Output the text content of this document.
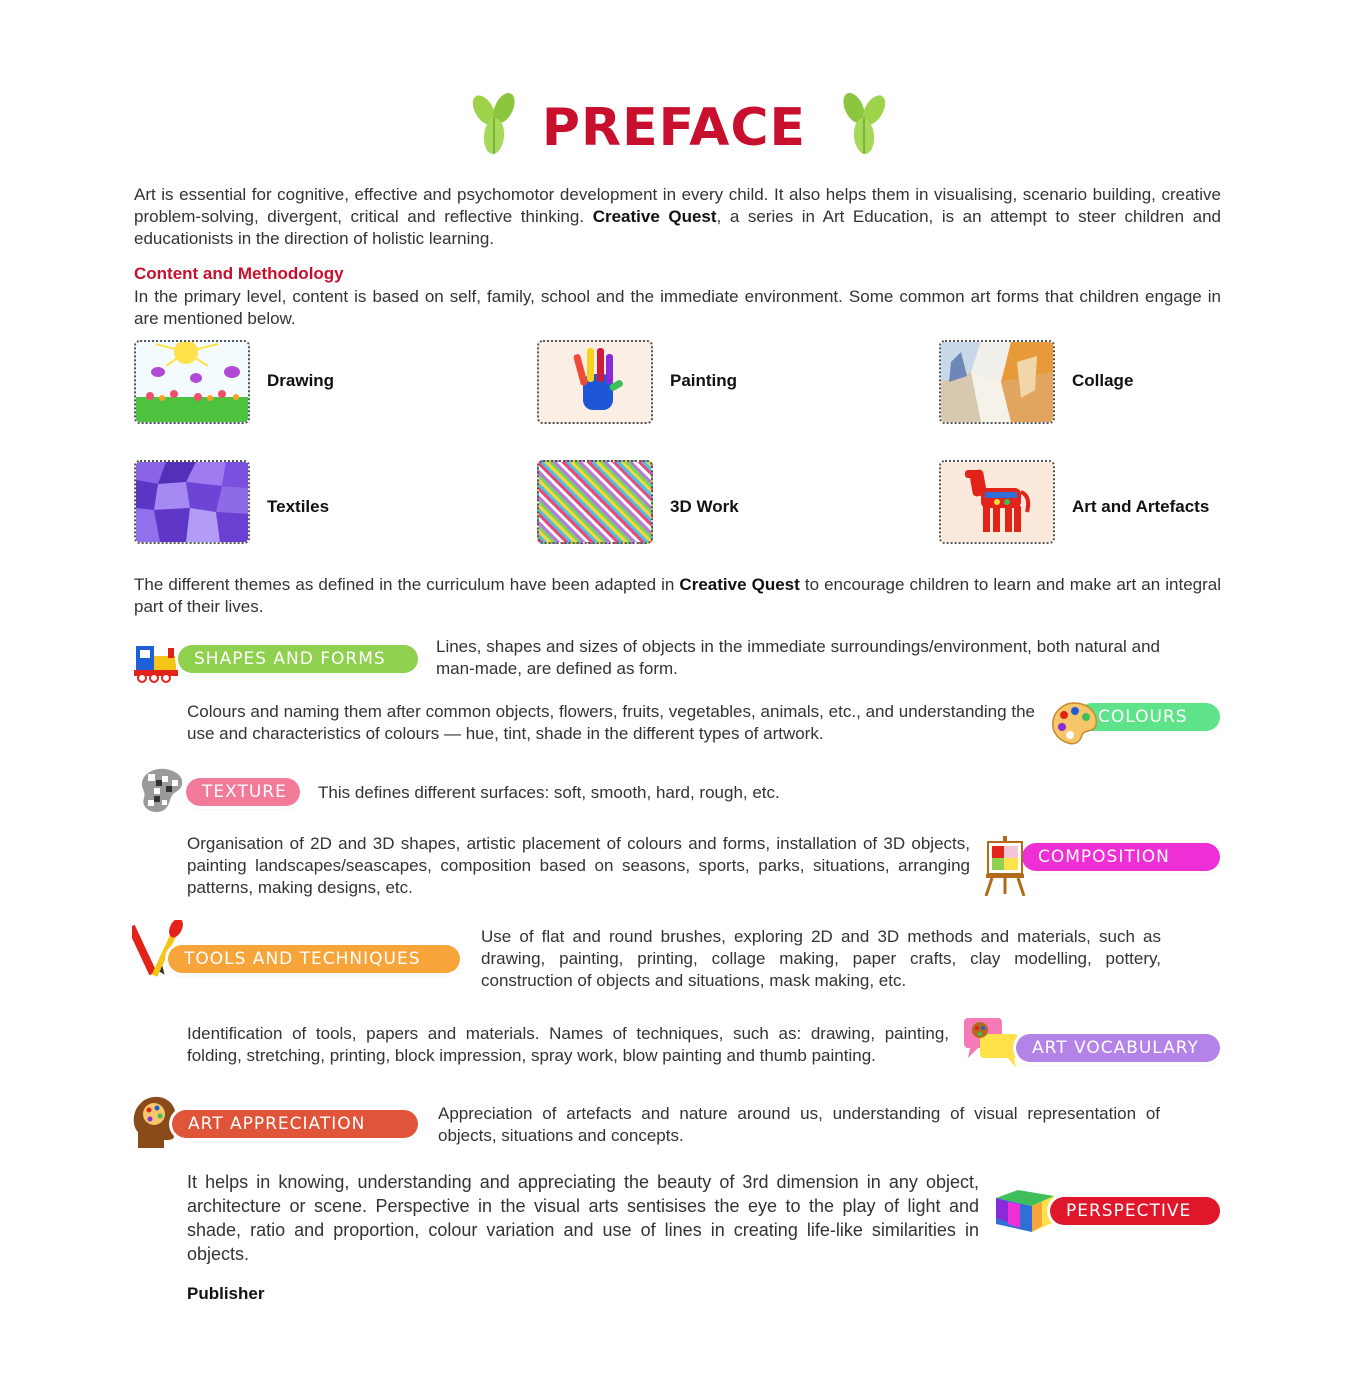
PREFACE
Art is essential for cognitive, effective and psychomotor development in every child. It also helps them in visualising, scenario building, creative problem-solving, divergent, critical and reflective thinking. Creative Quest, a series in Art Education, is an attempt to steer children and educationists in the direction of holistic learning.
Content and Methodology
In the primary level, content is based on self, family, school and the immediate environment. Some common art forms that children engage in are mentioned below.
Drawing	Painting	Collage
Textiles	3D Work	Art and Artefacts
The different themes as defined in the curriculum have been adapted in Creative Quest to encourage children to learn and make art an integral part of their lives.
SHAPES AND FORMS
Lines, shapes and sizes of objects in the immediate surroundings/environment, both natural and man-made, are defined as form.
Colours and naming them after common objects, flowers, fruits, vegetables, animals, etc., and understanding the use and characteristics of colours — hue, tint, shade in the different types of artwork.
COLOURS
TEXTURE	This defines different surfaces: soft, smooth, hard, rough, etc.
Organisation of 2D and 3D shapes, artistic placement of colours and forms, installation of 3D objects, painting landscapes/seascapes, composition based on seasons, sports, parks, situations, arranging patterns, making designs, etc.
COMPOSITION
TOOLS AND TECHNIQUES
Use of flat and round brushes, exploring 2D and 3D methods and materials, such as drawing, painting, printing, collage making, paper crafts, clay modelling, pottery, construction of objects and situations, mask making, etc.
Identification of tools, papers and materials. Names of techniques, such as: drawing, painting, folding, stretching, printing, block impression, spray work, blow painting and thumb painting.	ART VOCABULARY
ART APPRECIATION
Appreciation of artefacts and nature around us, understanding of visual representation of objects, situations and concepts.
It helps in knowing, understanding and appreciating the beauty of 3rd dimension in any object, architecture or scene. Perspective in the visual arts sentisises the eye to the play of light and shade, ratio and proportion, colour variation and use of lines in creating life-like similarities in objects.
PERSPECTIVE
Publisher
